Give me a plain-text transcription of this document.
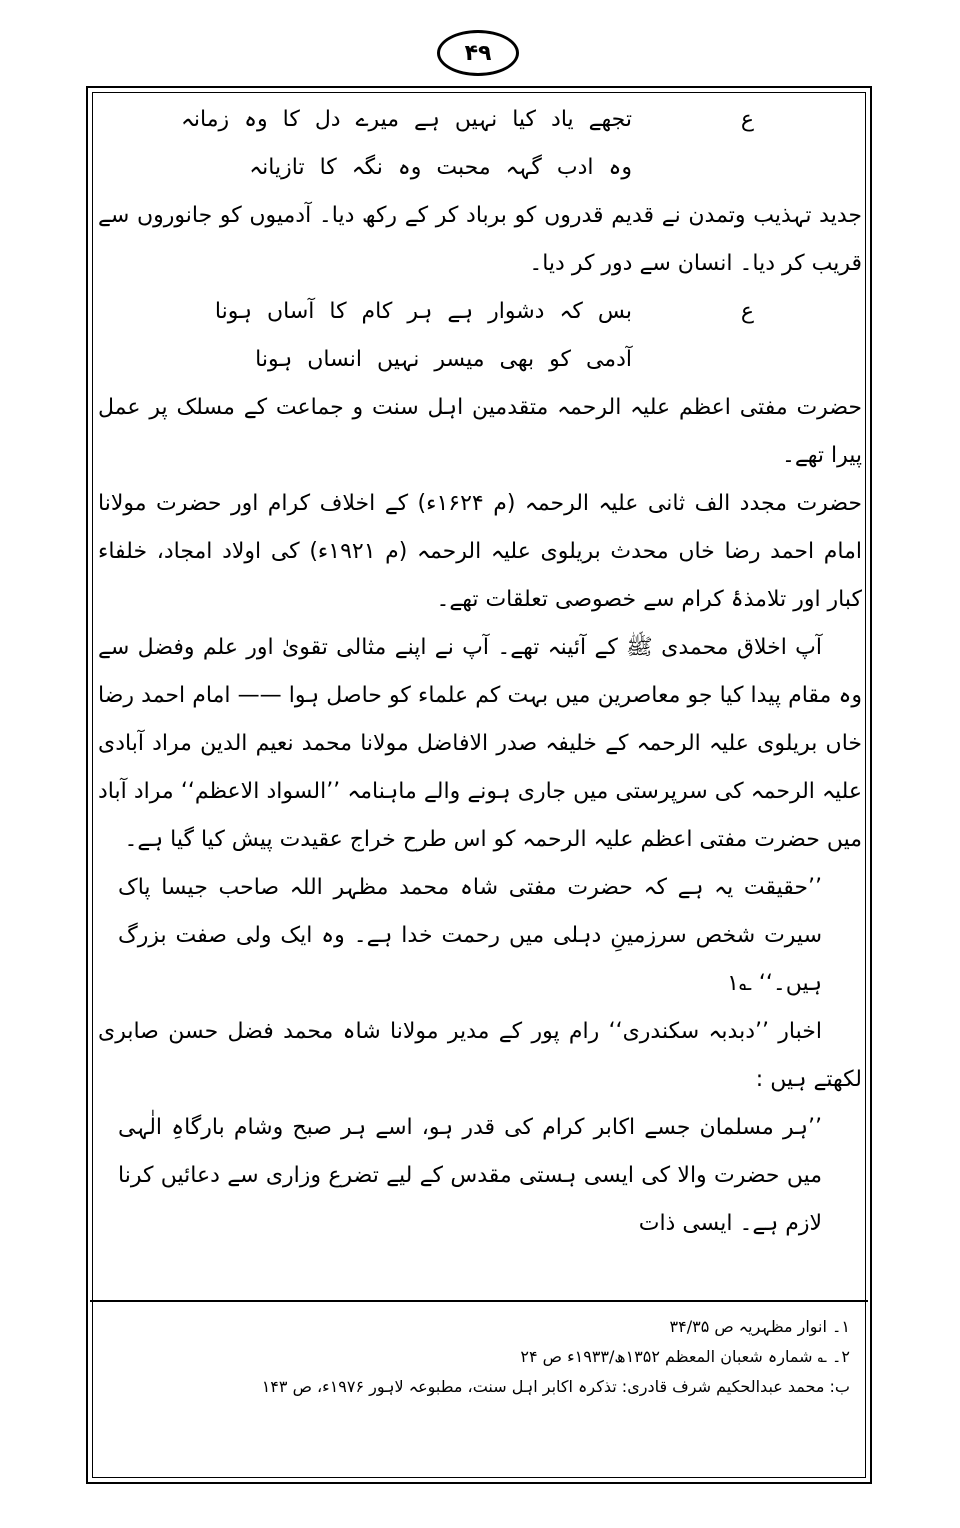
۴۹
ع
تجھے یاد کیا نہیں ہے میرے دل کا وہ زمانہ
وہ ادب گہہ محبت وہ نگہ کا تازیانہ

جدید تہذیب وتمدن نے قدیم قدروں کو برباد کر کے رکھ دیا۔ آدمیوں کو جانوروں سے قریب کر دیا۔ انسان سے دور کر دیا۔

ع
بس کہ دشوار ہے ہر کام کا آساں ہونا
آدمی کو بھی میسر نہیں انساں ہونا

حضرت مفتی اعظم علیہ الرحمہ متقدمین اہل سنت و جماعت کے مسلک پر عمل پیرا تھے۔

حضرت مجدد الف ثانی علیہ الرحمہ (م ۱۶۲۴ء) کے اخلاف کرام اور حضرت مولانا امام احمد رضا خاں محدث بریلوی علیہ الرحمہ (م ۱۹۲۱ء) کی اولاد امجاد، خلفاء کبار اور تلامذۂ کرام سے خصوصی تعلقات تھے۔

آپ اخلاق محمدی ﷺ کے آئینہ تھے۔ آپ نے اپنے مثالی تقویٰ اور علم وفضل سے وہ مقام پیدا کیا جو معاصرین میں بہت کم علماء کو حاصل ہوا —— امام احمد رضا خاں بریلوی علیہ الرحمہ کے خلیفہ صدر الافاضل مولانا محمد نعیم الدین مراد آبادی علیہ الرحمہ کی سرپرستی میں جاری ہونے والے ماہنامہ ’’السواد الاعظم‘‘ مراد آباد میں حضرت مفتی اعظم علیہ الرحمہ کو اس طرح خراج عقیدت پیش کیا گیا ہے۔

’’حقیقت یہ ہے کہ حضرت مفتی شاہ محمد مظہر اللہ صاحب جیسا پاک سیرت شخص سرزمینِ دہلی میں رحمت خدا ہے۔ وہ ایک ولی صفت بزرگ ہیں۔‘‘ ؎۱

اخبار ’’دبدبہ سکندری‘‘ رام پور کے مدیر مولانا شاہ محمد فضل حسن صابری لکھتے ہیں :

’’ہر مسلمان جسے اکابر کرام کی قدر ہو، اسے ہر صبح وشام بارگاہِ الٰہی میں حضرت والا کی ایسی ہستی مقدس کے لیے تضرع وزاری سے دعائیں کرنا لازم ہے۔ ایسی ذات

۱۔ انوار مظہریہ ص ۳۴/۳۵

۲۔ ؎ شمارہ شعبان المعظم ۱۳۵۲ھ/۱۹۳۳ء ص ۲۴

ب: محمد عبدالحکیم شرف قادری: تذکرہ اکابر اہل سنت، مطبوعہ لاہور ۱۹۷۶ء، ص ۱۴۳
